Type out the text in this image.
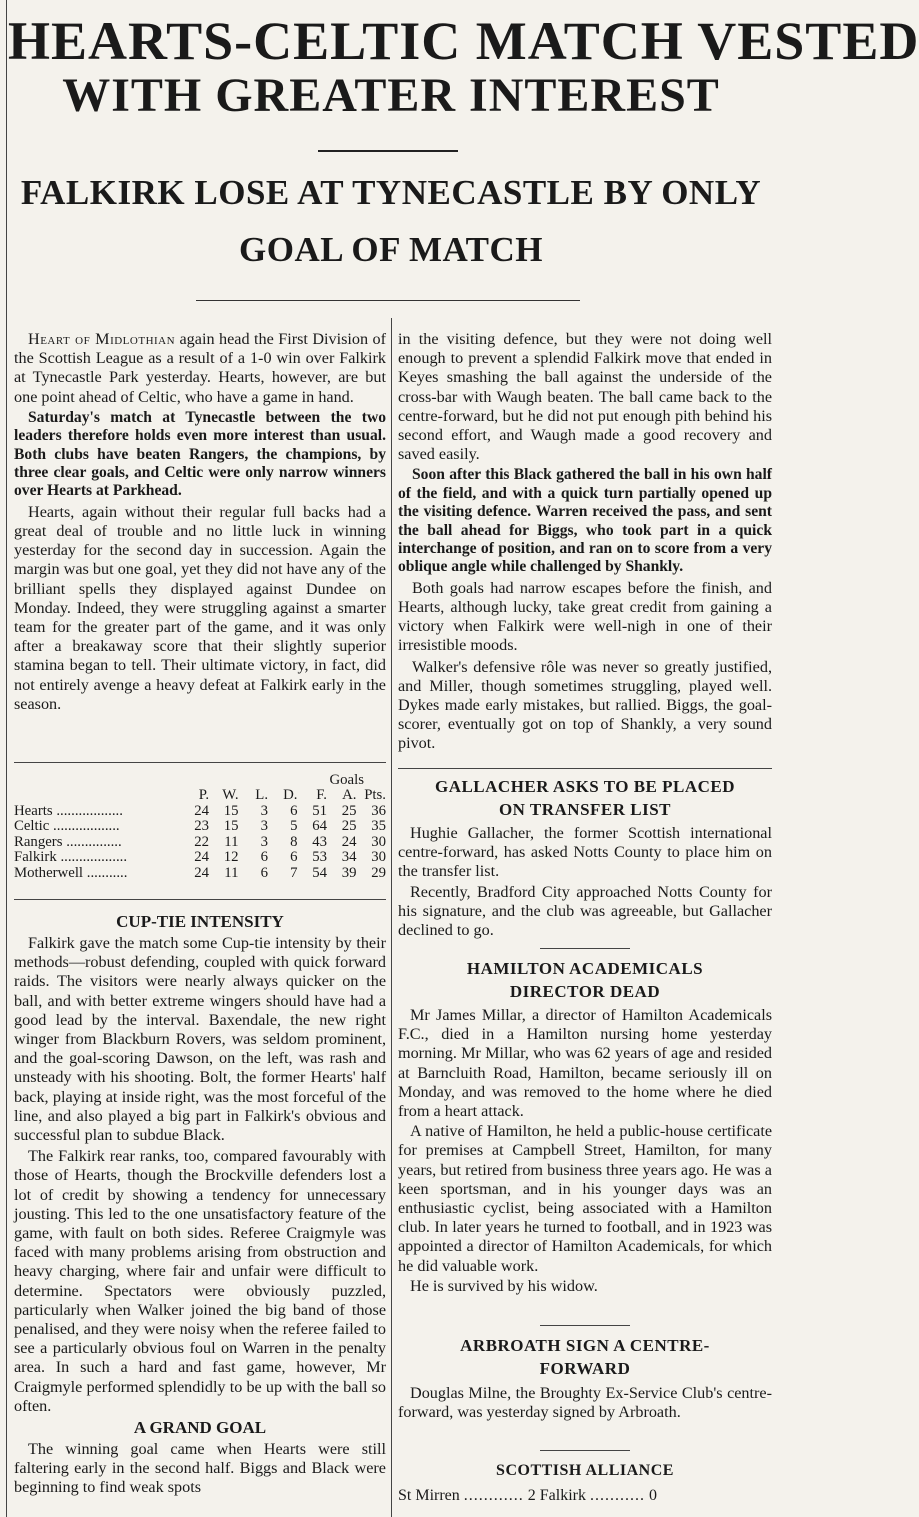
HEARTS-CELTIC MATCH VESTED
WITH GREATER INTEREST
FALKIRK LOSE AT TYNECASTLE BY ONLY
GOAL OF MATCH

Heart of Midlothian again head the First Division of the Scottish League as a result of a 1-0 win over Falkirk at Tynecastle Park yesterday. Hearts, however, are but one point ahead of Celtic, who have a game in hand.

Saturday's match at Tynecastle between the two leaders therefore holds even more interest than usual. Both clubs have beaten Rangers, the champions, by three clear goals, and Celtic were only narrow winners over Hearts at Parkhead.

Hearts, again without their regular full backs had a great deal of trouble and no little luck in winning yesterday for the second day in succession. Again the margin was but one goal, yet they did not have any of the brilliant spells they displayed against Dundee on Monday. Indeed, they were struggling against a smarter team for the greater part of the game, and it was only after a breakaway score that their slightly superior stamina began to tell. Their ultimate victory, in fact, did not entirely avenge a heavy defeat at Falkirk early in the season.

Goals
	P.	W.	L.	D.	F.	A.	Pts.
Hearts ..................	24	15	3	6	51	25	36
Celtic ..................	23	15	3	5	64	25	35
Rangers ...............	22	11	3	8	43	24	30
Falkirk ..................	24	12	6	6	53	34	30
Motherwell ...........	24	11	6	7	54	39	29

CUP-TIE INTENSITY

Falkirk gave the match some Cup-tie intensity by their methods—robust defending, coupled with quick forward raids. The visitors were nearly always quicker on the ball, and with better extreme wingers should have had a good lead by the interval. Baxendale, the new right winger from Blackburn Rovers, was seldom prominent, and the goal-scoring Dawson, on the left, was rash and unsteady with his shooting. Bolt, the former Hearts' half back, playing at inside right, was the most forceful of the line, and also played a big part in Falkirk's obvious and successful plan to subdue Black.

The Falkirk rear ranks, too, compared favourably with those of Hearts, though the Brockville defenders lost a lot of credit by showing a tendency for unnecessary jousting. This led to the one unsatisfactory feature of the game, with fault on both sides. Referee Craigmyle was faced with many problems arising from obstruction and heavy charging, where fair and unfair were difficult to determine. Spectators were obviously puzzled, particularly when Walker joined the big band of those penalised, and they were noisy when the referee failed to see a particularly obvious foul on Warren in the penalty area. In such a hard and fast game, however, Mr Craigmyle performed splendidly to be up with the ball so often.

A GRAND GOAL

The winning goal came when Hearts were still faltering early in the second half. Biggs and Black were beginning to find weak spots

in the visiting defence, but they were not doing well enough to prevent a splendid Falkirk move that ended in Keyes smashing the ball against the underside of the cross-bar with Waugh beaten. The ball came back to the centre-forward, but he did not put enough pith behind his second effort, and Waugh made a good recovery and saved easily.

Soon after this Black gathered the ball in his own half of the field, and with a quick turn partially opened up the visiting defence. Warren received the pass, and sent the ball ahead for Biggs, who took part in a quick interchange of position, and ran on to score from a very oblique angle while challenged by Shankly.

Both goals had narrow escapes before the finish, and Hearts, although lucky, take great credit from gaining a victory when Falkirk were well-nigh in one of their irresistible moods.

Walker's defensive rôle was never so greatly justified, and Miller, though sometimes struggling, played well. Dykes made early mistakes, but rallied. Biggs, the goal-scorer, eventually got on top of Shankly, a very sound pivot.

GALLACHER ASKS TO BE PLACED
ON TRANSFER LIST

Hughie Gallacher, the former Scottish international centre-forward, has asked Notts County to place him on the transfer list.

Recently, Bradford City approached Notts County for his signature, and the club was agreeable, but Gallacher declined to go.

HAMILTON ACADEMICALS
DIRECTOR DEAD

Mr James Millar, a director of Hamilton Academicals F.C., died in a Hamilton nursing home yesterday morning. Mr Millar, who was 62 years of age and resided at Barncluith Road, Hamilton, became seriously ill on Monday, and was removed to the home where he died from a heart attack.

A native of Hamilton, he held a public-house certificate for premises at Campbell Street, Hamilton, for many years, but retired from business three years ago. He was a keen sportsman, and in his younger days was an enthusiastic cyclist, being associated with a Hamilton club. In later years he turned to football, and in 1923 was appointed a director of Hamilton Academicals, for which he did valuable work.

He is survived by his widow.

ARBROATH SIGN A CENTRE-
FORWARD

Douglas Milne, the Broughty Ex-Service Club's centre-forward, was yesterday signed by Arbroath.

SCOTTISH ALLIANCE
St Mirren ............ 2 Falkirk ........... 0
